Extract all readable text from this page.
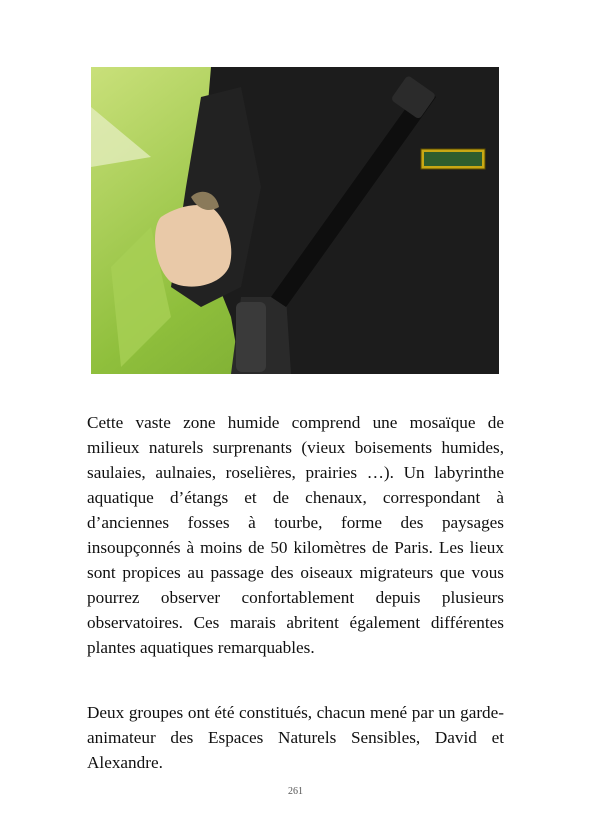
Cette vaste zone humide comprend une mosaïque de milieux naturels surprenants (vieux boisements humides, saulaies, aulnaies, roselières, prairies …). Un labyrinthe aquatique d’étangs et de chenaux, correspondant à d’anciennes fosses à tourbe, forme des paysages insoupçonnés à moins de 50 kilomètres de Paris. Les lieux sont propices au passage des oiseaux migrateurs que vous pourrez observer confortablement depuis plusieurs observatoires. Ces marais abritent également différentes plantes aquatiques remarquables.

Deux groupes ont été constitués, chacun mené par un garde-animateur des Espaces Naturels Sensibles, David et Alexandre.

261
